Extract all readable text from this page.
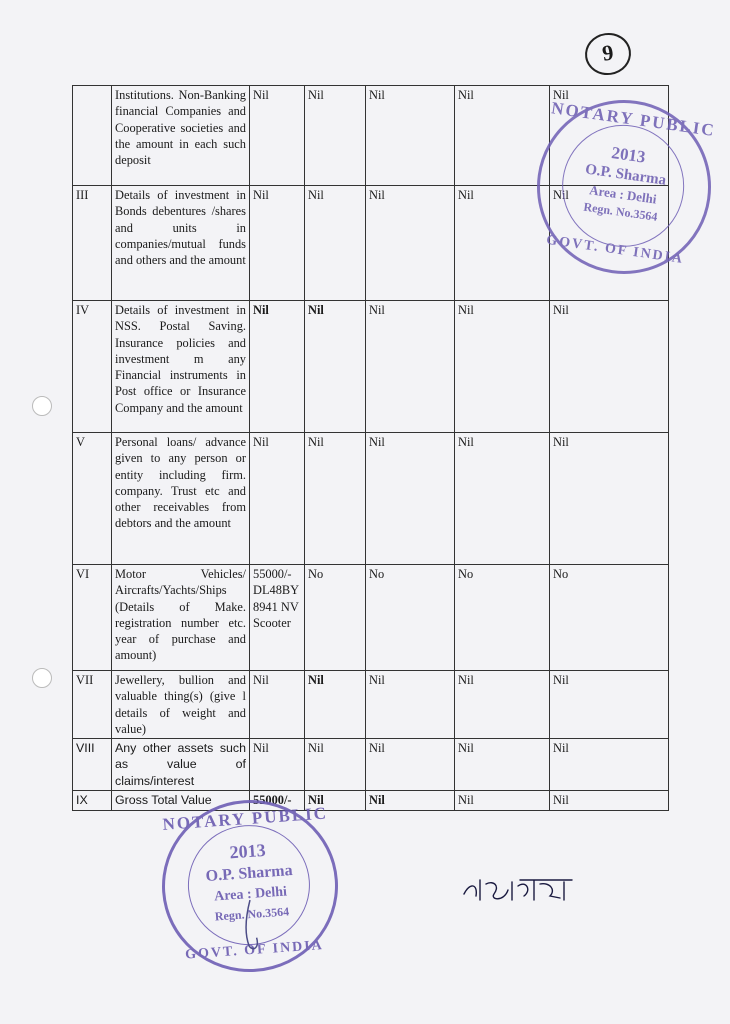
9
	Institutions. Non-Banking financial Companies and Cooperative societies and the amount in each such deposit	Nil	Nil	Nil	Nil	Nil
III	Details of investment in Bonds debentures /shares and units in companies/mutual funds and others and the amount	Nil	Nil	Nil	Nil	Nil
IV	Details of investment in NSS. Postal Saving. Insurance policies and investment m any Financial instruments in Post office or Insurance Company and the amount	Nil	Nil	Nil	Nil	Nil
V	Personal loans/ advance given to any person or entity including firm. company. Trust etc and other receivables from debtors and the amount	Nil	Nil	Nil	Nil	Nil
VI	Motor Vehicles/ Aircrafts/Yachts/Ships (Details of Make. registration number etc. year of purchase and amount)	55000/- DL48BY 8941 NV Scooter	No	No	No	No
VII	Jewellery, bullion and valuable thing(s) (give l details of weight and value)	Nil	Nil	Nil	Nil	Nil
VIII	Any other assets such as value of claims/interest	Nil	Nil	Nil	Nil	Nil
IX	Gross Total Value	55000/-	Nil	Nil	Nil	Nil
NOTARY PUBLIC
2013
O.P. Sharma
Area : Delhi
Regn. No.3564
GOVT. OF INDIA
NOTARY PUBLIC
2013
O.P. Sharma
Area : Delhi
Regn. No.3564
GOVT. OF INDIA
